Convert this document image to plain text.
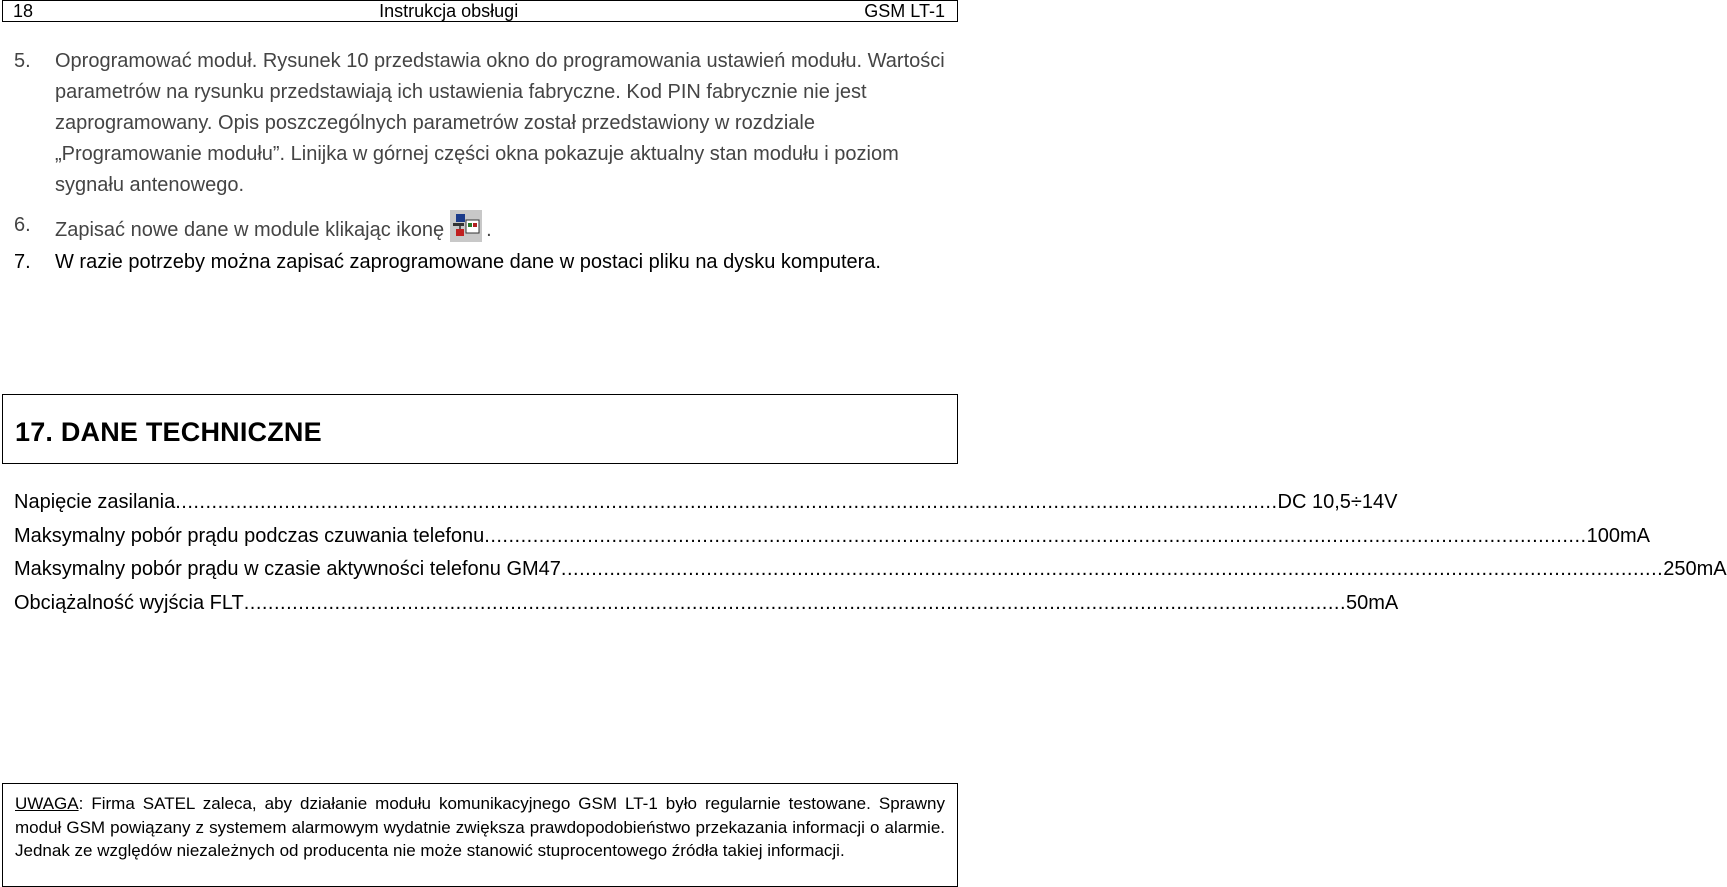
18	Instrukcja obsługi	GSM LT-1
5.	Oprogramować moduł. Rysunek 10 przedstawia okno do programowania ustawień modułu. Wartości parametrów na rysunku przedstawiają ich ustawienia fabryczne. Kod PIN fabrycznie nie jest zaprogramowany. Opis poszczególnych parametrów został przedstawiony w rozdziale „Programowanie modułu”. Linijka w górnej części okna pokazuje aktualny stan modułu i poziom sygnału antenowego.
6.	Zapisać nowe dane w module klikając ikonę .
7.	W razie potrzeby można zapisać zaprogramowane dane w postaci pliku na dysku komputera.
17. DANE TECHNICZNE
Napięcie zasilania ...................................................................................................................................................................................... DC 10,5÷14V
Maksymalny pobór prądu podczas czuwania telefonu ...................................................................................................................................................................................... 100mA
Maksymalny pobór prądu w czasie aktywności telefonu GM47 ...................................................................................................................................................................................... 250mA
Obciążalność wyjścia FLT ...................................................................................................................................................................................... 50mA
UWAGA: Firma SATEL zaleca, aby działanie modułu komunikacyjnego GSM LT-1 było regularnie testowane. Sprawny moduł GSM powiązany z systemem alarmowym wydatnie zwiększa prawdopodobieństwo przekazania informacji o alarmie. Jednak ze względów niezależnych od producenta nie może stanowić stuprocentowego źródła takiej informacji.
